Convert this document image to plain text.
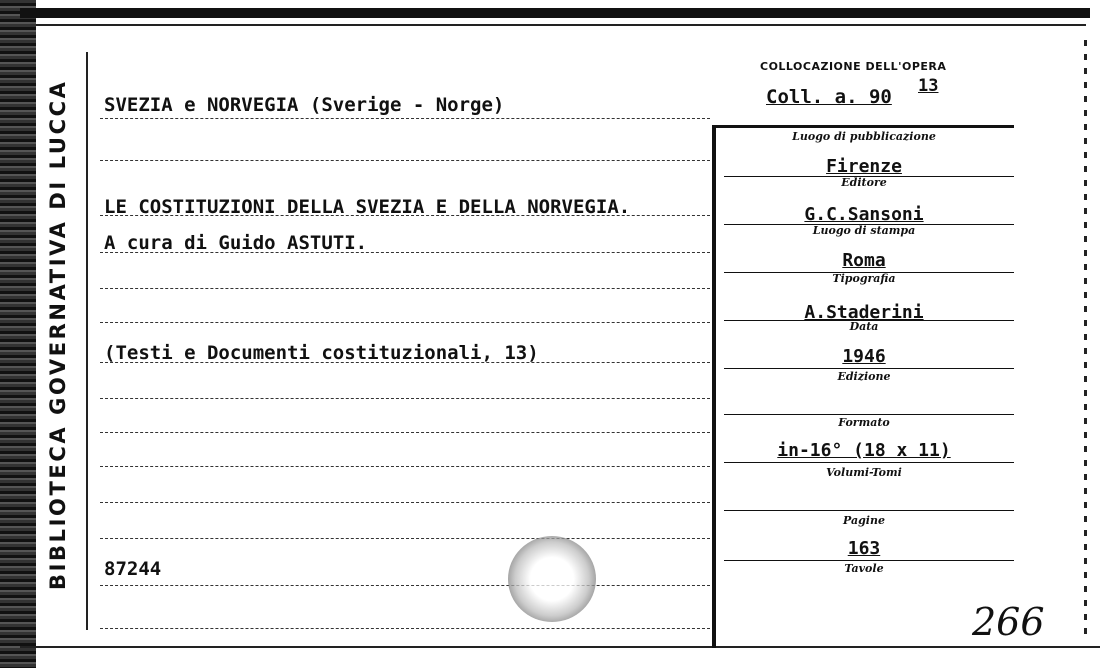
BIBLIOTECA GOVERNATIVA DI LUCCA	SVEZIA e NORVEGIA (Sverige - Norge)
LE COSTITUZIONI DELLA SVEZIA E DELLA NORVEGIA.
A cura di Guido ASTUTI.
(Testi e Documenti costituzionali, 13)
87244
COLLOCAZIONE DELL'OPERA
Coll. a. 90 13
Luogo di pubblicazione
Firenze
Editore
G.C.Sansoni
Luogo di stampa
Roma
Tipografia
A.Staderini
Data
1946
Edizione
Formato
in-16° (18 x 11)
Volumi-Tomi
Pagine
163
Tavole
266
